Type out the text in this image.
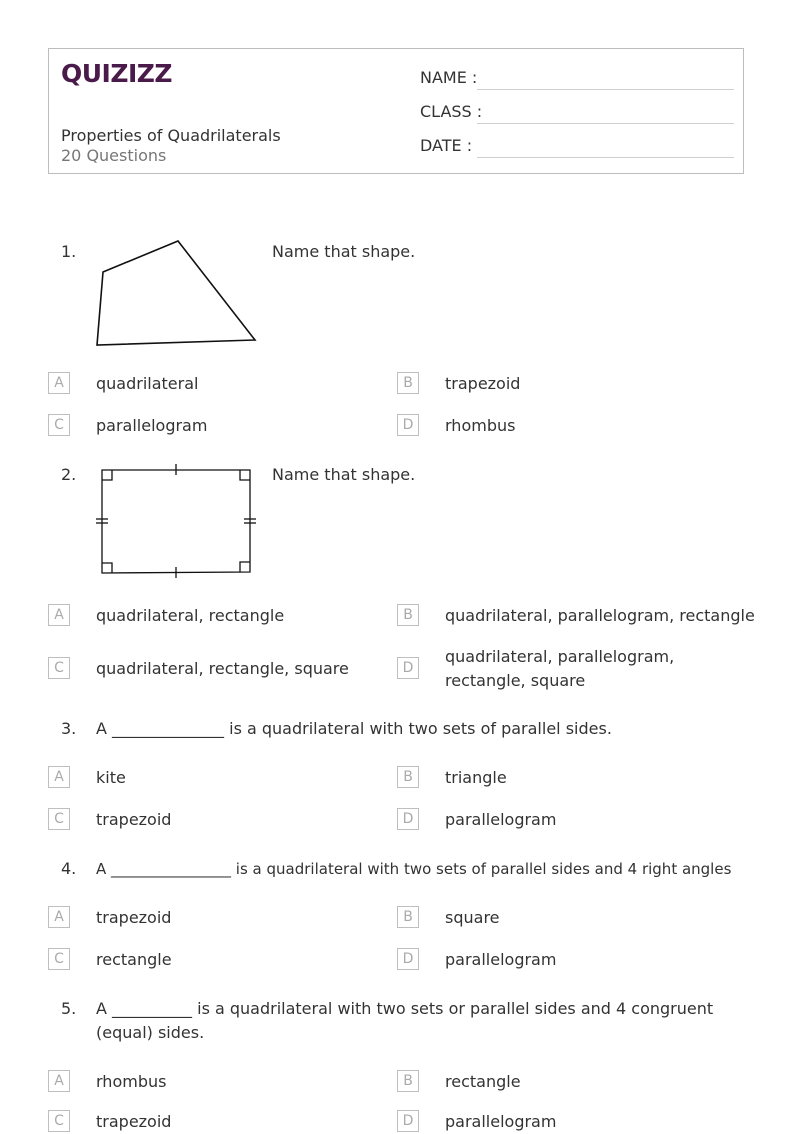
QUIZIZZ
Properties of Quadrilaterals
20 Questions
NAME :
CLASS :
DATE :
1.	Name that shape.
A	quadrilateral	B	trapezoid
C	parallelogram	D	rhombus
2.	Name that shape.
A	quadrilateral, rectangle	B	quadrilateral, parallelogram, rectangle
C	quadrilateral, rectangle, square	D
quadrilateral, parallelogram, rectangle, square
3. A ______________ is a quadrilateral with two sets of parallel sides.
A	kite	B	triangle
C	trapezoid	D	parallelogram
4. A ________________ is a quadrilateral with two sets of parallel sides and 4 right angles
A	trapezoid	B	square
C	rectangle	D	parallelogram
5. A __________ is a quadrilateral with two sets or parallel sides and 4 congruent (equal) sides.
A	rhombus	B	rectangle
C	trapezoid	D	parallelogram
